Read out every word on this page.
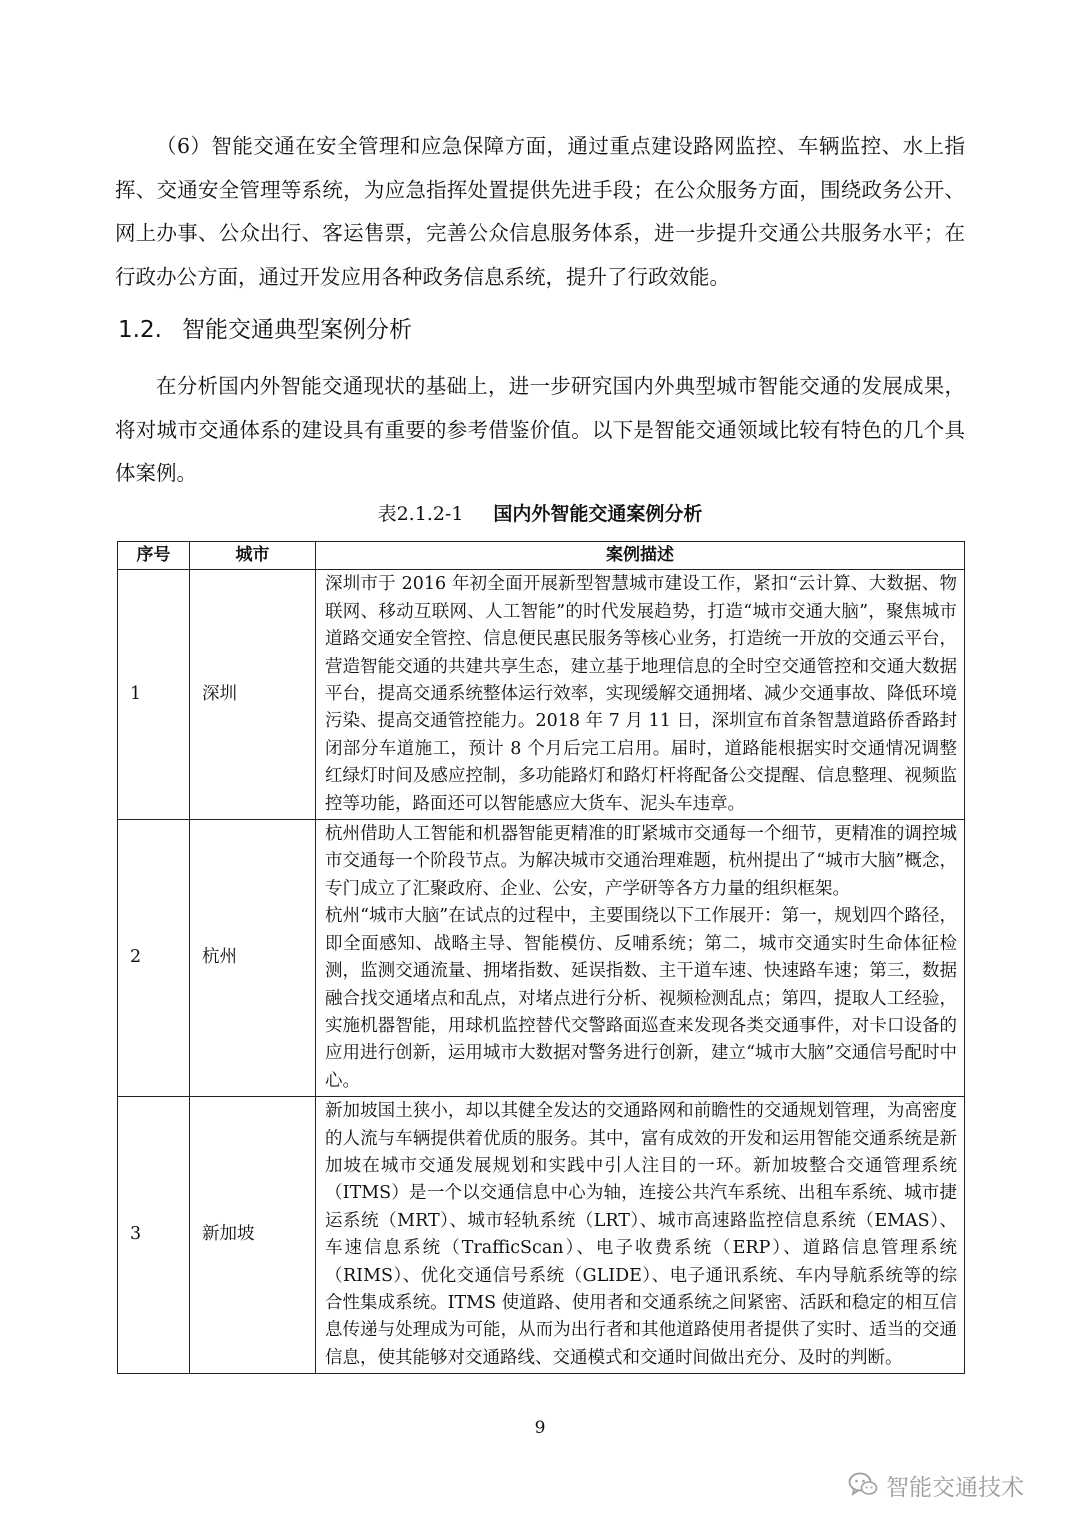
（6）智能交通在安全管理和应急保障方面，通过重点建设路网监控、车辆监控、水上指挥、交通安全管理等系统，为应急指挥处置提供先进手段；在公众服务方面，围绕政务公开、网上办事、公众出行、客运售票，完善公众信息服务体系，进一步提升交通公共服务水平；在行政办公方面，通过开发应用各种政务信息系统，提升了行政效能。

1.2. 智能交通典型案例分析

在分析国内外智能交通现状的基础上，进一步研究国内外典型城市智能交通的发展成果，将对城市交通体系的建设具有重要的参考借鉴价值。以下是智能交通领域比较有特色的几个具体案例。

表2.1.2-1 国内外智能交通案例分析
序号	城市	案例描述
1	深圳	深圳市于 2016 年初全面开展新型智慧城市建设工作，紧扣“云计算、大数据、物联网、移动互联网、人工智能”的时代发展趋势，打造“城市交通大脑”，聚焦城市道路交通安全管控、信息便民惠民服务等核心业务，打造统一开放的交通云平台，营造智能交通的共建共享生态，建立基于地理信息的全时空交通管控和交通大数据平台，提高交通系统整体运行效率，实现缓解交通拥堵、减少交通事故、降低环境污染、提高交通管控能力。2018 年 7 月 11 日，深圳宣布首条智慧道路侨香路封闭部分车道施工，预计 8 个月后完工启用。届时，道路能根据实时交通情况调整红绿灯时间及感应控制，多功能路灯和路灯杆将配备公交提醒、信息整理、视频监控等功能，路面还可以智能感应大货车、泥头车违章。

2	杭州	杭州借助人工智能和机器智能更精准的盯紧城市交通每一个细节，更精准的调控城市交通每一个阶段节点。为解决城市交通治理难题，杭州提出了“城市大脑”概念，专门成立了汇聚政府、企业、公安，产学研等各方力量的组织框架。

杭州“城市大脑”在试点的过程中，主要围绕以下工作展开：第一，规划四个路径，即全面感知、战略主导、智能模仿、反哺系统；第二，城市交通实时生命体征检测，监测交通流量、拥堵指数、延误指数、主干道车速、快速路车速；第三，数据融合找交通堵点和乱点，对堵点进行分析、视频检测乱点；第四，提取人工经验，实施机器智能，用球机监控替代交警路面巡查来发现各类交通事件，对卡口设备的应用进行创新，运用城市大数据对警务进行创新，建立“城市大脑”交通信号配时中心。

3	新加坡	新加坡国土狭小，却以其健全发达的交通路网和前瞻性的交通规划管理，为高密度的人流与车辆提供着优质的服务。其中，富有成效的开发和运用智能交通系统是新加坡在城市交通发展规划和实践中引人注目的一环。新加坡整合交通管理系统（ITMS）是一个以交通信息中心为轴，连接公共汽车系统、出租车系统、城市捷运系统（MRT）、城市轻轨系统（LRT）、城市高速路监控信息系统（EMAS）、车速信息系统（TrafficScan）、电子收费系统（ERP）、道路信息管理系统（RIMS）、优化交通信号系统（GLIDE）、电子通讯系统、车内导航系统等的综合性集成系统。ITMS 使道路、使用者和交通系统之间紧密、活跃和稳定的相互信息传递与处理成为可能，从而为出行者和其他道路使用者提供了实时、适当的交通信息，使其能够对交通路线、交通模式和交通时间做出充分、及时的判断。

9
智能交通技术
